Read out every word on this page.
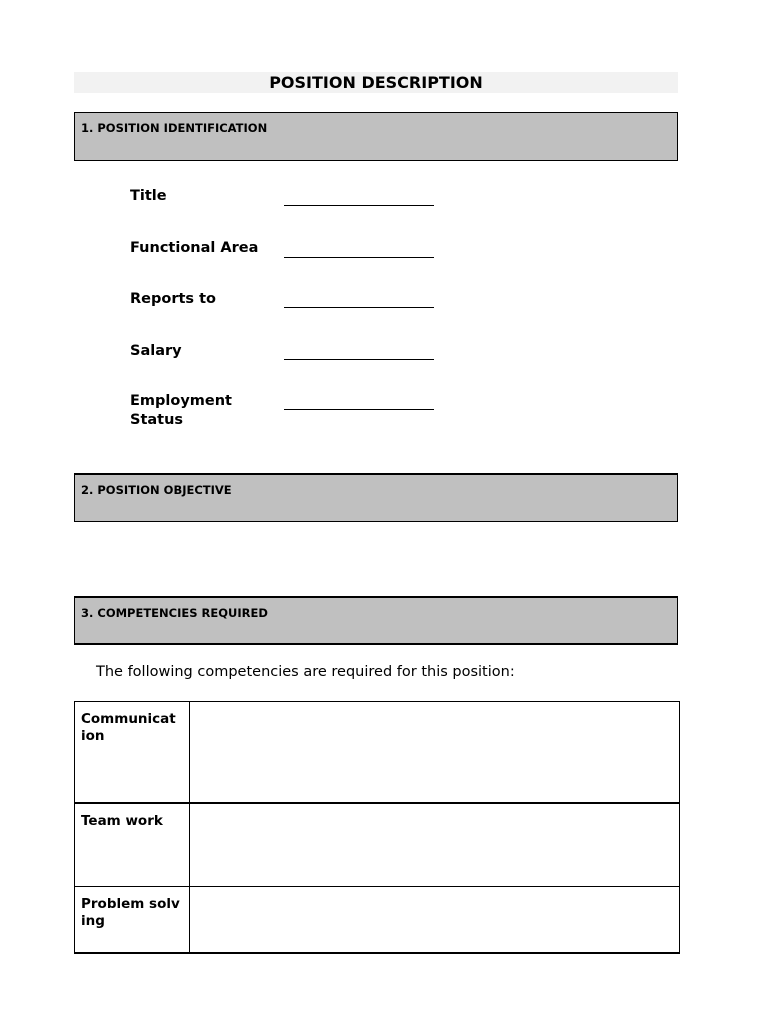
POSITION DESCRIPTION
1. POSITION IDENTIFICATION
Title
Functional Area
Reports to
Salary
Employment Status
2. POSITION OBJECTIVE
3. COMPETENCIES REQUIRED
The following competencies are required for this position:
Communicat ion	
Team work	
Problem solving	
